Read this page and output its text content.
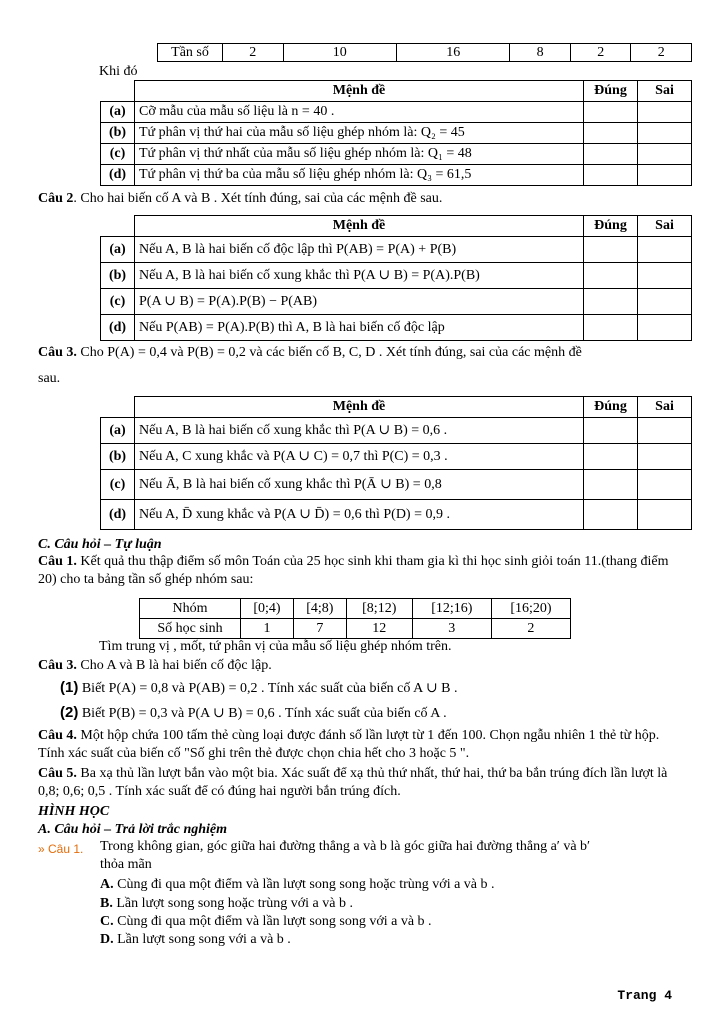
Tần số	2	10	16	8	2	2
Khi đó
	Mệnh đề	Đúng	Sai
(a)	Cỡ mẫu của mẫu số liệu là n = 40 .		
(b)	Tứ phân vị thứ hai của mẫu số liệu ghép nhóm là: Q₂ = 45		
(c)	Tứ phân vị thứ nhất của mẫu số liệu ghép nhóm là: Q₁ = 48		
(d)	Tứ phân vị thứ ba của mẫu số liệu ghép nhóm là: Q₃ = 61,5		
Câu 2. Cho hai biến cố A và B . Xét tính đúng, sai của các mệnh đề sau.
	Mệnh đề	Đúng	Sai
(a)	Nếu A, B là hai biến cố độc lập thì P(AB) = P(A) + P(B)		
(b)	Nếu A, B là hai biến cố xung khắc thì P(A ∪ B) = P(A).P(B)		
(c)	P(A ∪ B) = P(A).P(B) − P(AB)		
(d)	Nếu P(AB) = P(A).P(B) thì A, B là hai biến cố độc lập		
Câu 3. Cho P(A) = 0,4 và P(B) = 0,2 và các biến cố B, C, D . Xét tính đúng, sai của các mệnh đề
sau.
	Mệnh đề	Đúng	Sai
(a)	Nếu A, B là hai biến cố xung khắc thì P(A ∪ B) = 0,6 .		
(b)	Nếu A, C xung khắc và P(A ∪ C) = 0,7 thì P(C) = 0,3 .		
(c)	Nếu Ā, B là hai biến cố xung khắc thì P(Ā ∪ B) = 0,8		
(d)	Nếu A, D̄ xung khắc và P(A ∪ D̄) = 0,6 thì P(D) = 0,9 .		
C. Câu hỏi – Tự luận
Câu 1. Kết quả thu thập điểm số môn Toán của 25 học sinh khi tham gia kì thi học sinh giỏi toán 11.(thang điểm 20) cho ta bảng tần số ghép nhóm sau:
Nhóm	[0;4)	[4;8)	[8;12)	[12;16)	[16;20)
Số học sinh	1	7	12	3	2
Tìm trung vị , mốt, tứ phân vị của mẫu số liệu ghép nhóm trên.
Câu 3. Cho A và B là hai biến cố độc lập.
(1) Biết P(A) = 0,8 và P(AB) = 0,2 . Tính xác suất của biến cố A ∪ B .
(2) Biết P(B) = 0,3 và P(A ∪ B) = 0,6 . Tính xác suất của biến cố A .
Câu 4. Một hộp chứa 100 tấm thẻ cùng loại được đánh số lần lượt từ 1 đến 100. Chọn ngẫu nhiên 1 thẻ từ hộp. Tính xác suất của biến cố "Số ghi trên thẻ được chọn chia hết cho 3 hoặc 5 ".
Câu 5. Ba xạ thủ lần lượt bắn vào một bia. Xác suất để xạ thủ thứ nhất, thứ hai, thứ ba bắn trúng đích lần lượt là 0,8; 0,6; 0,5 . Tính xác suất để có đúng hai người bắn trúng đích.
HÌNH HỌC
A. Câu hỏi – Trả lời trắc nghiệm
» Câu 1. Trong không gian, góc giữa hai đường thẳng a và b là góc giữa hai đường thẳng a′ và b′
thỏa mãn
A. Cùng đi qua một điểm và lần lượt song song hoặc trùng với a và b .
B. Lần lượt song song hoặc trùng với a và b .
C. Cùng đi qua một điểm và lần lượt song song với a và b .
D. Lần lượt song song với a và b .
Trang 4
